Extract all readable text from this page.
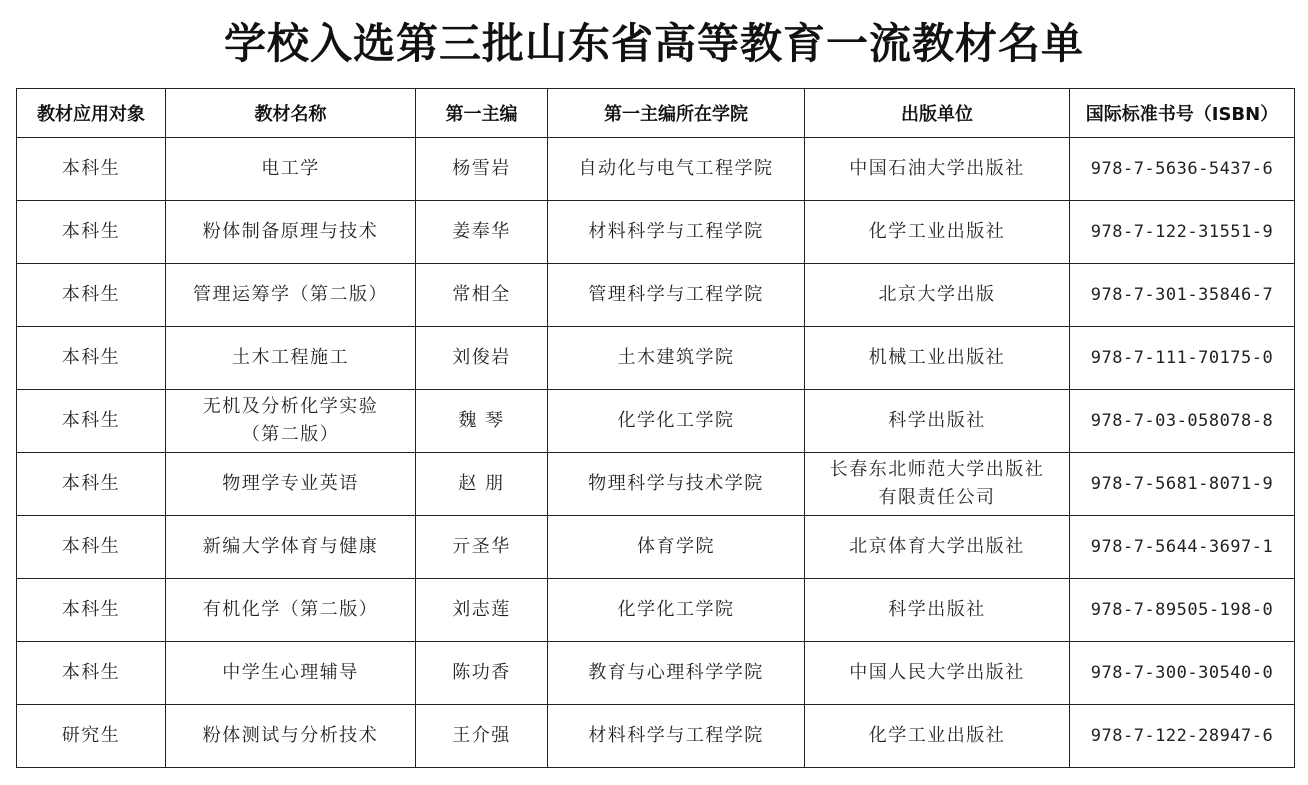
学校入选第三批山东省高等教育一流教材名单
教材应用对象	教材名称	第一主编	第一主编所在学院	出版单位	国际标准书号（ISBN）
本科生	电工学	杨雪岩	自动化与电气工程学院	中国石油大学出版社	978-7-5636-5437-6
本科生	粉体制备原理与技术	姜奉华	材料科学与工程学院	化学工业出版社	978-7-122-31551-9
本科生	管理运筹学（第二版）	常相全	管理科学与工程学院	北京大学出版	978-7-301-35846-7
本科生	土木工程施工	刘俊岩	土木建筑学院	机械工业出版社	978-7-111-70175-0
本科生	无机及分析化学实验（第二版）	魏 琴	化学化工学院	科学出版社	978-7-03-058078-8
本科生	物理学专业英语	赵 朋	物理科学与技术学院	长春东北师范大学出版社有限责任公司	978-7-5681-8071-9
本科生	新编大学体育与健康	亓圣华	体育学院	北京体育大学出版社	978-7-5644-3697-1
本科生	有机化学（第二版）	刘志莲	化学化工学院	科学出版社	978-7-89505-198-0
本科生	中学生心理辅导	陈功香	教育与心理科学学院	中国人民大学出版社	978-7-300-30540-0
研究生	粉体测试与分析技术	王介强	材料科学与工程学院	化学工业出版社	978-7-122-28947-6
